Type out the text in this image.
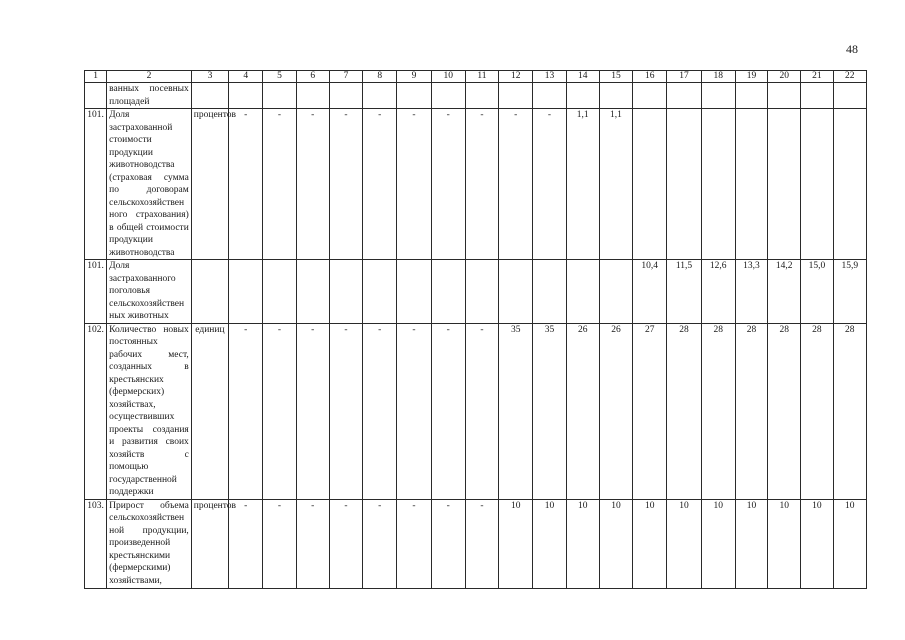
48
1	2	3	4	5	6	7	8	9	10	11	12	13	14	15	16	17	18	19	20	21	22
	ванных посевных площадей																				
101.	Доля застрахованной стоимости продукции животноводства (страховая сумма по договорам сельскохозяйственного страхования) в общей стоимости продукции животноводства	процентов	-	-	-	-	-	-	-	-	-	-	1,1	1,1							
101.	Доля застрахованного поголовья сельскохозяйственных животных														10,4	11,5	12,6	13,3	14,2	15,0	15,9
102.	Количество новых постоянных рабочих мест, созданных в крестьянских (фермерских) хозяйствах, осуществивших проекты создания и развития своих хозяйств с помощью государственной поддержки	единиц	-	-	-	-	-	-	-	-	35	35	26	26	27	28	28	28	28	28	28
103.	Прирост объема сельскохозяйственной продукции, произведенной крестьянскими (фермерскими) хозяйствами,	процентов	-	-	-	-	-	-	-	-	10	10	10	10	10	10	10	10	10	10	10
